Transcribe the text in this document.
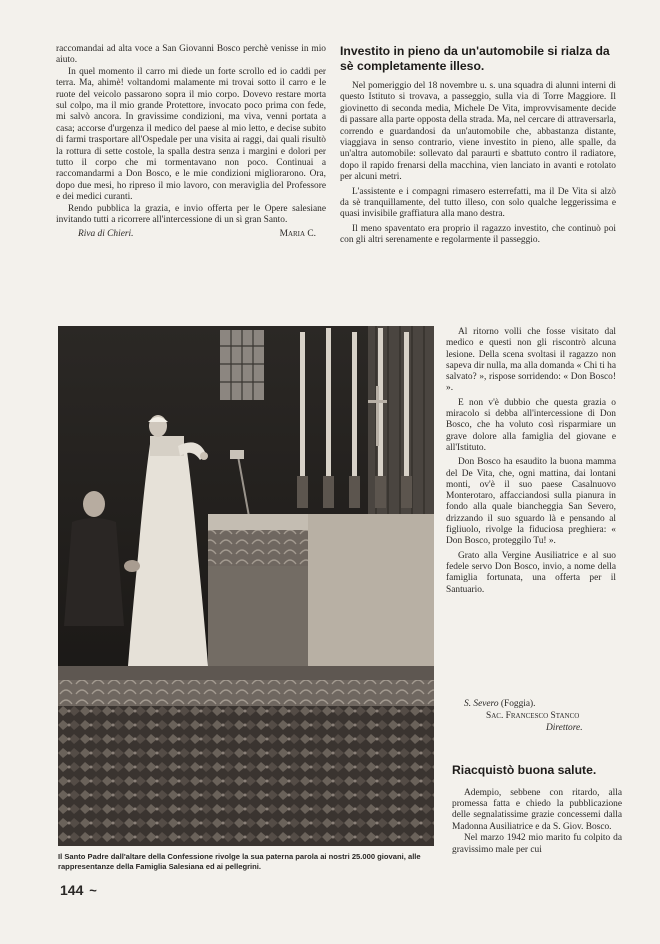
raccomandai ad alta voce a San Giovanni Bosco perchè venisse in mio aiuto.

In quel momento il carro mi diede un forte scrollo ed io caddi per terra. Ma, ahimè! voltandomi malamente mi trovai sotto il carro e le ruote del veicolo passarono sopra il mio corpo. Dovevo restare morta sul colpo, ma il mio grande Protettore, invocato poco prima con fede, mi salvò ancora. In gravissime condizioni, ma viva, venni portata a casa; accorse d'urgenza il medico del paese al mio letto, e decise subito di farmi trasportare all'Ospedale per una visita ai raggi, dai quali risultò la rottura di sette costole, la spalla destra senza i margini e dolori per tutto il corpo che mi tormentavano non poco. Continuai a raccomandarmi a Don Bosco, e le mie condizioni migliorarono. Ora, dopo due mesi, ho ripreso il mio lavoro, con meraviglia del Professore e dei medici curanti.

Rendo pubblica la grazia, e invio offerta per le Opere salesiane invitando tutti a ricorrere all'intercessione di un sì gran Santo.

Riva di Chieri.	Maria C.
Investito in pieno da un'automobile si rialza da sè completamente illeso.

Nel pomeriggio del 18 novembre u. s. una squadra di alunni interni di questo Istituto si trovava, a passeggio, sulla via di Torre Maggiore. Il giovinetto di seconda media, Michele De Vita, improvvisamente decide di passare alla parte opposta della strada. Ma, nel cercare di attraversarla, correndo e guardandosi da un'automobile che, abbastanza distante, viaggiava in senso contrario, viene investito in pieno, alle spalle, da un'altra automobile: sollevato dal paraurti e sbattuto contro il radiatore, dopo il rapido frenarsi della macchina, vien lanciato in avanti e rotolato per alcuni metri.

L'assistente e i compagni rimasero esterrefatti, ma il De Vita si alzò da sè tranquillamente, del tutto illeso, con solo qualche leggerissima e quasi invisibile graffiatura alla mano destra.

Il meno spaventato era proprio il ragazzo investito, che continuò poi con gli altri serenamente e regolarmente il passeggio.

Il Santo Padre dall'altare della Confessione rivolge la sua paterna parola ai nostri 25.000 giovani, alle rappresentanze della Famiglia Salesiana ed ai pellegrini.

Al ritorno volli che fosse visitato dal medico e questi non gli riscontrò alcuna lesione. Della scena svoltasi il ragazzo non sapeva dir nulla, ma alla domanda « Chi ti ha salvato? », rispose sorridendo: « Don Bosco! ».

E non v'è dubbio che questa grazia o miracolo si debba all'intercessione di Don Bosco, che ha voluto così risparmiare un grave dolore alla famiglia del giovane e all'Istituto.

Don Bosco ha esaudito la buona mamma del De Vita, che, ogni mattina, dai lontani monti, ov'è il suo paese Casalnuovo Monterotaro, affacciandosi sulla pianura in fondo alla quale biancheggia San Severo, drizzando il suo sguardo là e pensando al figliuolo, rivolge la fiduciosa preghiera: « Don Bosco, proteggilo Tu! ».

Grato alla Vergine Ausiliatrice e al suo fedele servo Don Bosco, invio, a nome della famiglia fortunata, una offerta per il Santuario.

S. Severo (Foggia).
Sac. Francesco Stanco
Direttore.
Riacquistò buona salute.

Adempio, sebbene con ritardo, alla promessa fatta e chiedo la pubblicazione delle segnalatissime grazie concessemi dalla Madonna Ausiliatrice e da S. Giov. Bosco.

Nel marzo 1942 mio marito fu colpito da gravissimo male per cui

144 ~
